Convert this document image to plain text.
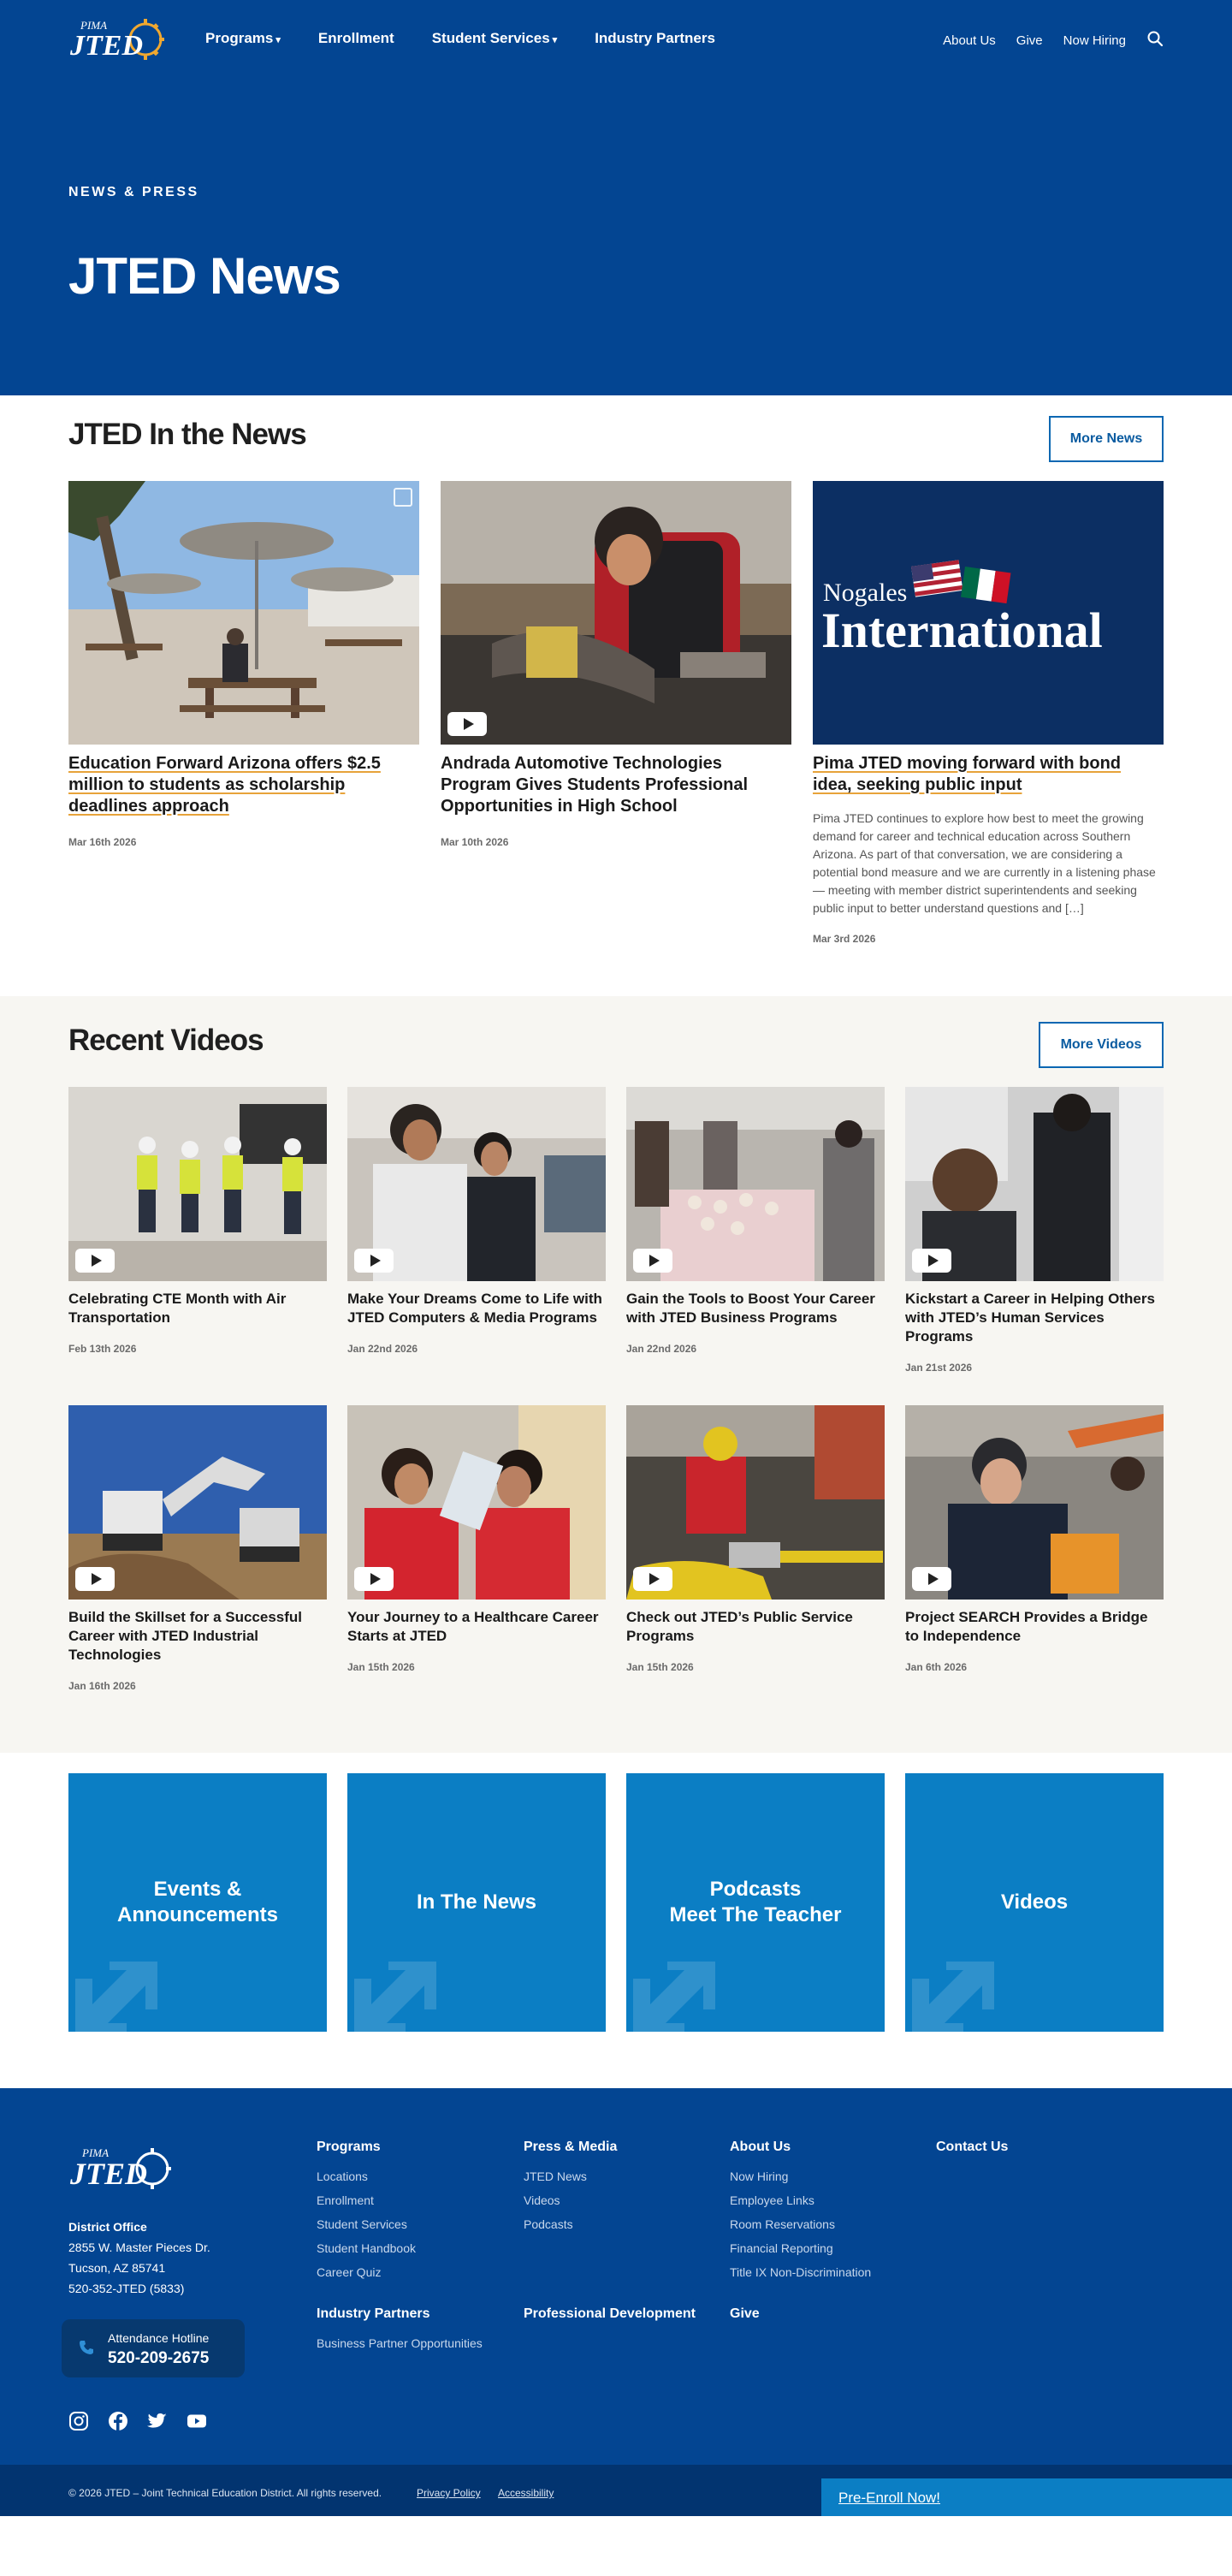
PIMA
JTED	Programs ▾	Enrollment	Student Services ▾	Industry Partners	About Us Give Now Hiring
NEWS & PRESS
JTED News
JTED In the News	More News
Education Forward Arizona offers $2.5 million to students as scholarship deadlines approach
Mar 16th 2026
Andrada Automotive Technologies Program Gives Students Professional Opportunities in High School
Mar 10th 2026
Nogales
International
Pima JTED moving forward with bond idea, seeking public input
Pima JTED continues to explore how best to meet the growing demand for career and technical education across Southern Arizona. As part of that conversation, we are considering a potential bond measure and we are currently in a listening phase — meeting with member district superintendents and seeking public input to better understand questions and […]
Mar 3rd 2026
Recent Videos	More Videos
Celebrating CTE Month with Air Transportation
Feb 13th 2026
Make Your Dreams Come to Life with JTED Computers & Media Programs
Jan 22nd 2026
Gain the Tools to Boost Your Career with JTED Business Programs
Jan 22nd 2026
Kickstart a Career in Helping Others with JTED’s Human Services Programs
Jan 21st 2026
Build the Skillset for a Successful Career with JTED Industrial Technologies
Jan 16th 2026
Your Journey to a Healthcare Career Starts at JTED
Jan 15th 2026
Check out JTED’s Public Service Programs
Jan 15th 2026
Project SEARCH Provides a Bridge to Independence
Jan 6th 2026
Events &
Announcements
In The News
Podcasts
Meet The Teacher
Videos
PIMA
JTED
District Office
2855 W. Master Pieces Dr.
Tucson, AZ 85741
520-352-JTED (5833)
Attendance Hotline
520-209-2675
Programs
Locations
Enrollment
Student Services
Student Handbook
Career Quiz
Press & Media
JTED News
Videos
Podcasts
About Us
Now Hiring
Employee Links
Room Reservations
Financial Reporting
Title IX Non-Discrimination
Contact Us
Industry Partners
Business Partner Opportunities
Professional Development	Give
© 2026 JTED – Joint Technical Education District. All rights reserved.	Privacy Policy Accessibility	Pre-Enroll Now!
